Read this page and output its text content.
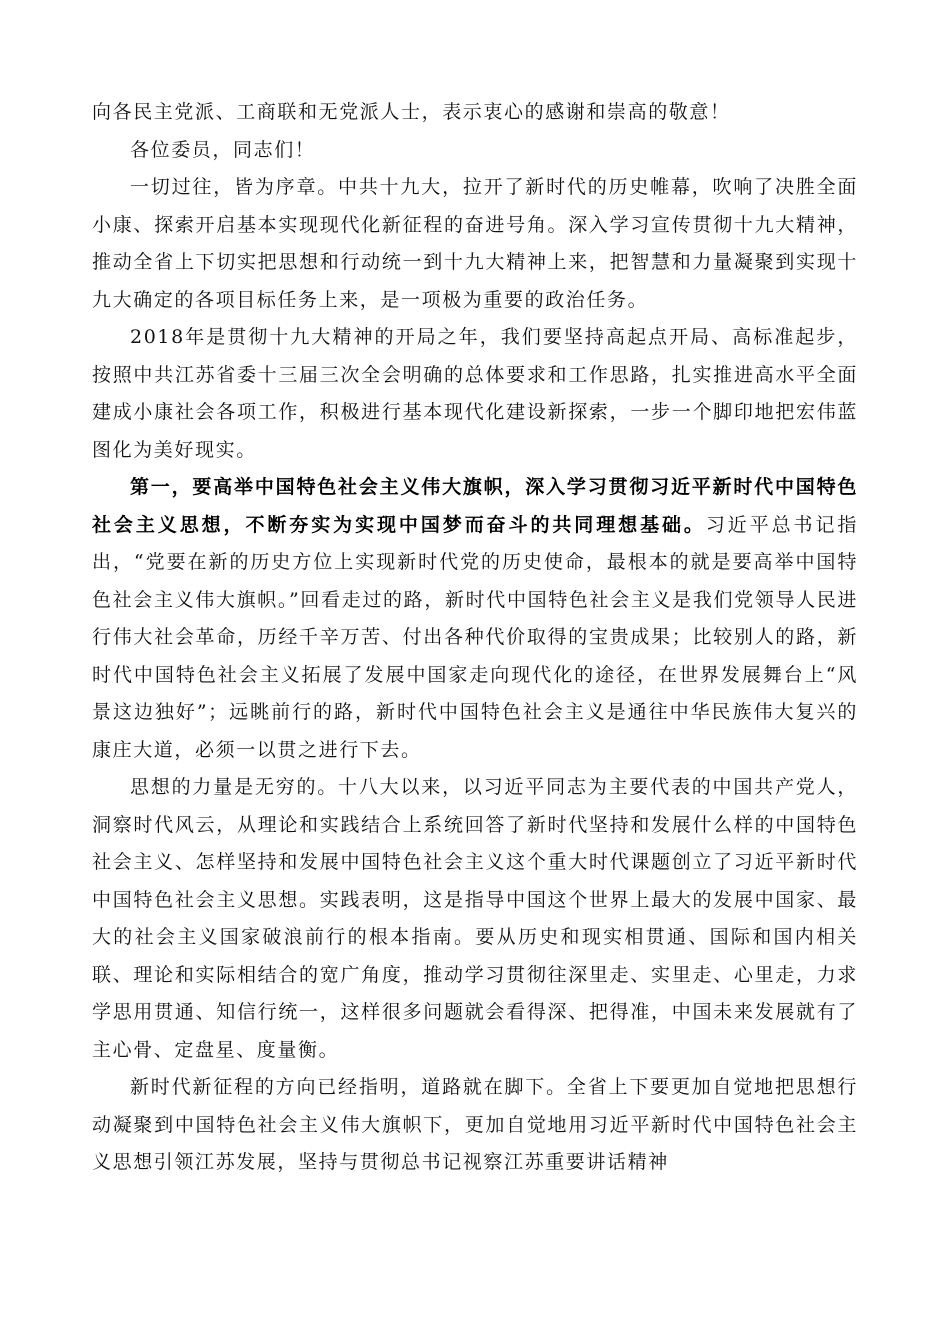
向各民主党派、工商联和无党派人士，表示衷心的感谢和崇高的敬意！

各位委员，同志们！

一切过往，皆为序章。中共十九大，拉开了新时代的历史帷幕，吹响了决胜全面小康、探索开启基本实现现代化新征程的奋进号角。深入学习宣传贯彻十九大精神，推动全省上下切实把思想和行动统一到十九大精神上来，把智慧和力量凝聚到实现十九大确定的各项目标任务上来，是一项极为重要的政治任务。

2018年是贯彻十九大精神的开局之年，我们要坚持高起点开局、高标准起步，按照中共江苏省委十三届三次全会明确的总体要求和工作思路，扎实推进高水平全面建成小康社会各项工作，积极进行基本现代化建设新探索，一步一个脚印地把宏伟蓝图化为美好现实。

第一，要高举中国特色社会主义伟大旗帜，深入学习贯彻习近平新时代中国特色社会主义思想，不断夯实为实现中国梦而奋斗的共同理想基础。习近平总书记指出，“党要在新的历史方位上实现新时代党的历史使命，最根本的就是要高举中国特色社会主义伟大旗帜。”回看走过的路，新时代中国特色社会主义是我们党领导人民进行伟大社会革命，历经千辛万苦、付出各种代价取得的宝贵成果；比较别人的路，新时代中国特色社会主义拓展了发展中国家走向现代化的途径，在世界发展舞台上“风景这边独好”；远眺前行的路，新时代中国特色社会主义是通往中华民族伟大复兴的康庄大道，必须一以贯之进行下去。

思想的力量是无穷的。十八大以来，以习近平同志为主要代表的中国共产党人，洞察时代风云，从理论和实践结合上系统回答了新时代坚持和发展什么样的中国特色社会主义、怎样坚持和发展中国特色社会主义这个重大时代课题创立了习近平新时代中国特色社会主义思想。实践表明，这是指导中国这个世界上最大的发展中国家、最大的社会主义国家破浪前行的根本指南。要从历史和现实相贯通、国际和国内相关联、理论和实际相结合的宽广角度，推动学习贯彻往深里走、实里走、心里走，力求学思用贯通、知信行统一，这样很多问题就会看得深、把得准，中国未来发展就有了主心骨、定盘星、度量衡。

新时代新征程的方向已经指明，道路就在脚下。全省上下要更加自觉地把思想行动凝聚到中国特色社会主义伟大旗帜下，更加自觉地用习近平新时代中国特色社会主义思想引领江苏发展，坚持与贯彻总书记视察江苏重要讲话精神
